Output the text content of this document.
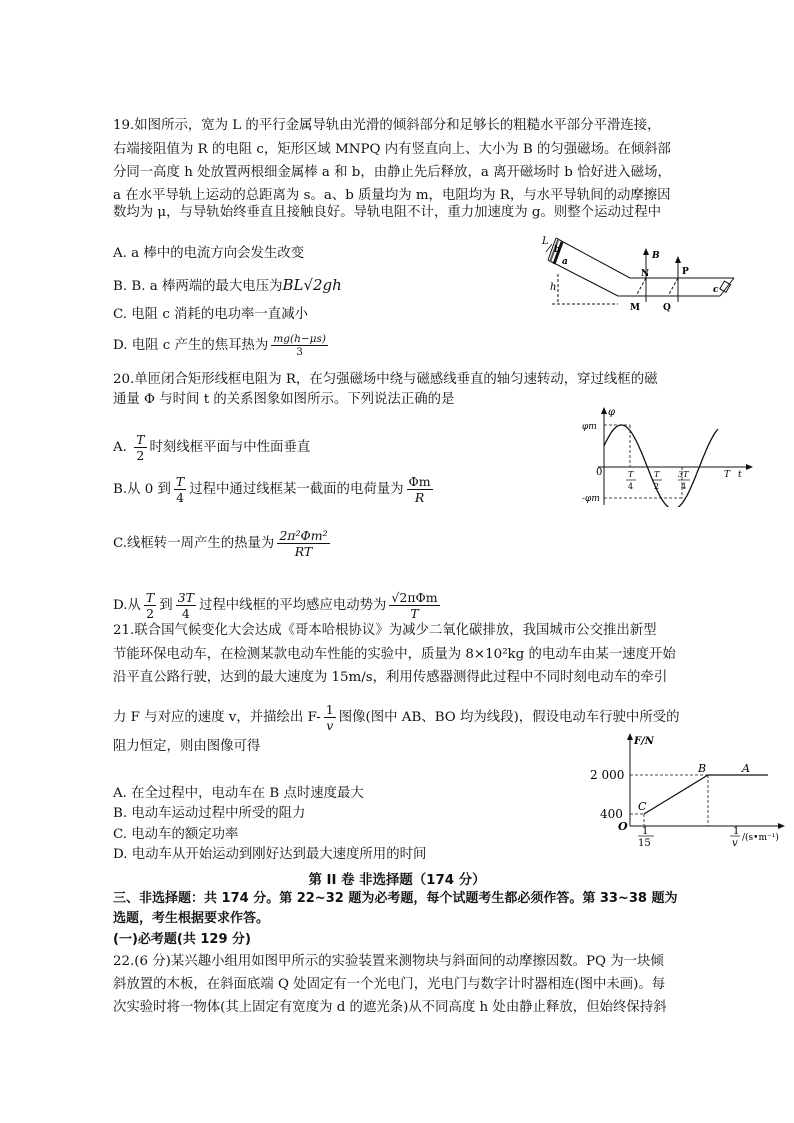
19.如图所示，宽为 L 的平行金属导轨由光滑的倾斜部分和足够长的粗糙水平部分平滑连接，
右端接阻值为 R 的电阻 c，矩形区域 MNPQ 内有竖直向上、大小为 B 的匀强磁场。在倾斜部
分同一高度 h 处放置两根细金属棒 a 和 b，由静止先后释放，a 离开磁场时 b 恰好进入磁场，
a 在水平导轨上运动的总距离为 s。a、b 质量均为 m，电阻均为 R，与水平导轨间的动摩擦因
数均为 μ，与导轨始终垂直且接触良好。导轨电阻不计，重力加速度为 g。则整个运动过程中
A. a 棒中的电流方向会发生改变
B. B. a 棒两端的最大电压为BL√2gh
C. 电阻 c 消耗的电功率一直减小
D. 电阻 c 产生的焦耳热为 $\frac{mg(h-\mu s)}{3}$
L
b
a
h
B
N	P
M	Q
c
20.单匝闭合矩形线框电阻为 R，在匀强磁场中绕与磁感线垂直的轴匀速转动，穿过线框的磁
通量 Φ 与时间 t 的关系图象如图所示。下列说法正确的是
A. $\frac{T}{2}$ 时刻线框平面与中性面垂直
B.从 0 到 $\frac{T}{4}$ 过程中通过线框某一截面的电荷量为 $\frac{\Phi m}{R}$
C.线框转一周产生的热量为 $\frac{\text{2π²Φm²}}{RT}$
D.从 $\frac{T}{2}$ 到 $\frac{3T}{4}$ 过程中线框的平均感应电动势为 $\frac{\text{√2πΦm}}{T}$
φ
φm
-φm
0	t
T
T
4
T
2
3T
4
21.联合国气候变化大会达成《哥本哈根协议》为减少二氧化碳排放，我国城市公交推出新型
节能环保电动车，在检测某款电动车性能的实验中，质量为 8×10²kg 的电动车由某一速度开始
沿平直公路行驶，达到的最大速度为 15m/s，利用传感器测得此过程中不同时刻电动车的牵引
力 F 与对应的速度 v，并描绘出 $F- \frac{1}{v}$ 图像(图中 AB、BO 均为线段)，假设电动车行驶中所受的
阻力恒定，则由图像可得
A. 在全过程中，电动车在 B 点时速度最大
B. 电动车运动过程中所受的阻力
C. 电动车的额定功率
D. 电动车从开始运动到刚好达到最大速度所用的时间
F/N
2 000
400
O
B	A
C
1
15
1
v /(s•m⁻¹)
第 II 卷 非选择题（174 分）
三、非选择题：共 174 分。第 22~32 题为必考题，每个试题考生都必须作答。第 33~38 题为
选题，考生根据要求作答。
(一)必考题(共 129 分)
22.(6 分)某兴趣小组用如图甲所示的实验装置来测物块与斜面间的动摩擦因数。PQ 为一块倾
斜放置的木板，在斜面底端 Q 处固定有一个光电门，光电门与数字计时器相连(图中未画)。每
次实验时将一物体(其上固定有宽度为 d 的遮光条)从不同高度 h 处由静止释放，但始终保持斜
